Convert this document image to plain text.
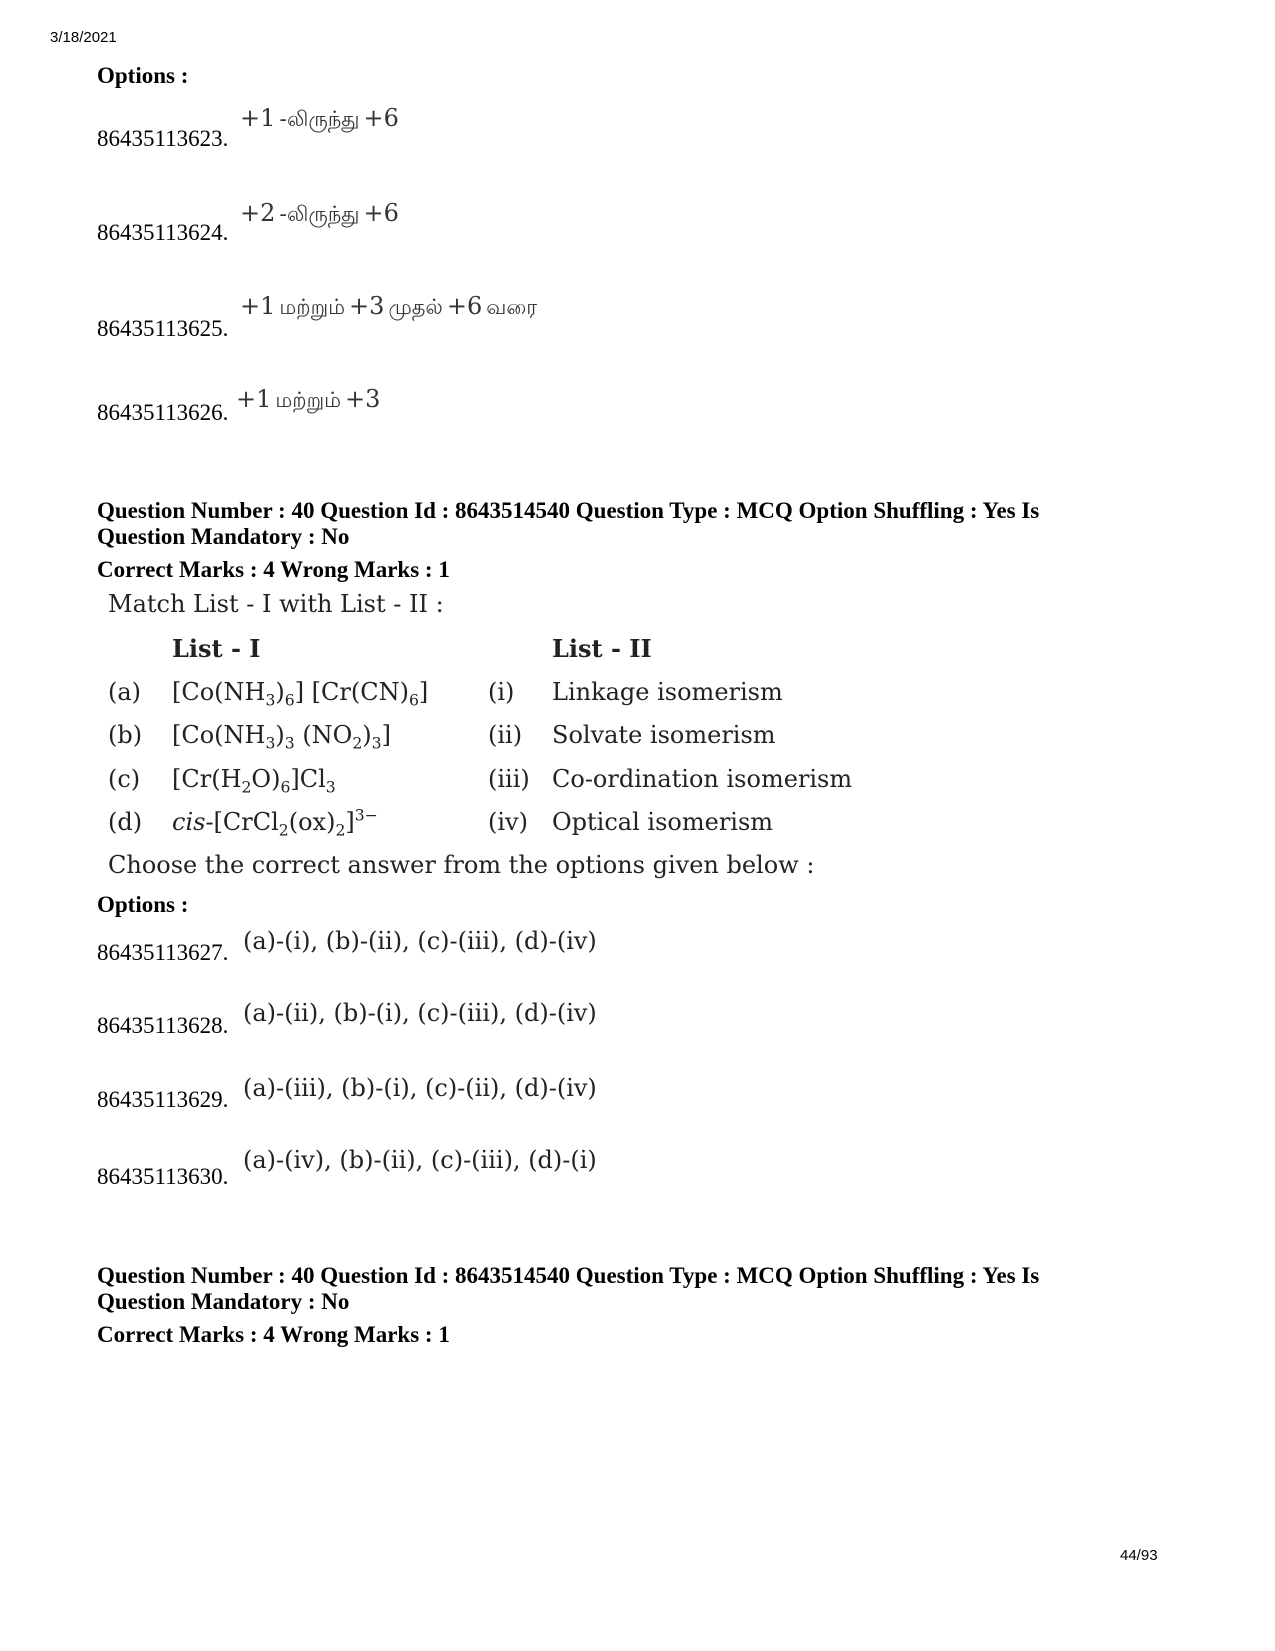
3/18/2021
44/93
Options :
86435113623.
+1 -லிருந்து +6
86435113624.
+2 -லிருந்து +6
86435113625.
+1 மற்றும் +3 முதல் +6 வரை
86435113626. +1 மற்றும் +3
Question Number : 40 Question Id : 8643514540 Question Type : MCQ Option Shuffling : Yes Is
Question Mandatory : No
Correct Marks : 4 Wrong Marks : 1
Match List - I with List - II :
List - I	List - II
(a) $[Co(NH_3)_6]$ $[Cr(CN)_6]$ (i) Linkage isomerism
(b) [$Co(NH_3)_3$ $(NO_2)_3$]	(ii) Solvate isomerism
(c) $[Cr(H_2O)_6]Cl_3$	(iii) Co-ordination isomerism
(d) cis-$[CrCl_2(ox)_2]^{3-}$	(iv) Optical isomerism
Choose the correct answer from the options given below :
Options :
86435113627. (a)-(i), (b)-(ii), (c)-(iii), (d)-(iv)
86435113628. (a)-(ii), (b)-(i), (c)-(iii), (d)-(iv)
86435113629. (a)-(iii), (b)-(i), (c)-(ii), (d)-(iv)
86435113630.
(a)-(iv), (b)-(ii), (c)-(iii), (d)-(i)
Question Number : 40 Question Id : 8643514540 Question Type : MCQ Option Shuffling : Yes Is
Question Mandatory : No
Correct Marks : 4 Wrong Marks : 1
